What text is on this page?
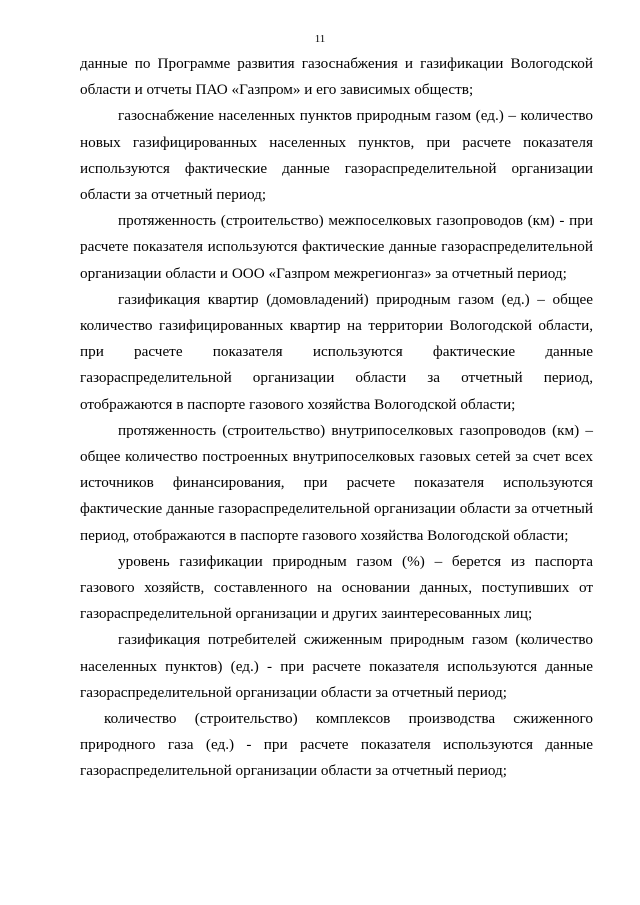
11

данные по Программе развития газоснабжения и газификации Вологодской области и отчеты ПАО «Газпром» и его зависимых обществ;

газоснабжение населенных пунктов природным газом (ед.) – количество новых газифицированных населенных пунктов, при расчете показателя используются фактические данные газораспределительной организации области за отчетный период;

протяженность (строительство) межпоселковых газопроводов (км) - при расчете показателя используются фактические данные газораспределительной организации области и ООО «Газпром межрегионгаз» за отчетный период;

газификация квартир (домовладений) природным газом (ед.) – общее количество газифицированных квартир на территории Вологодской области, при расчете показателя используются фактические данные газораспределительной организации области за отчетный период, отображаются в паспорте газового хозяйства Вологодской области;

протяженность (строительство) внутрипоселковых газопроводов (км) – общее количество построенных внутрипоселковых газовых сетей за счет всех источников финансирования, при расчете показателя используются фактические данные газораспределительной организации области за отчетный период, отображаются в паспорте газового хозяйства Вологодской области;

уровень газификации природным газом (%) – берется из паспорта газового хозяйств, составленного на основании данных, поступивших от газораспределительной организации и других заинтересованных лиц;

газификация потребителей сжиженным природным газом (количество населенных пунктов) (ед.) - при расчете показателя используются данные газораспределительной организации области за отчетный период;

количество (строительство) комплексов производства сжиженного природного газа (ед.) - при расчете показателя используются данные газораспределительной организации области за отчетный период;
